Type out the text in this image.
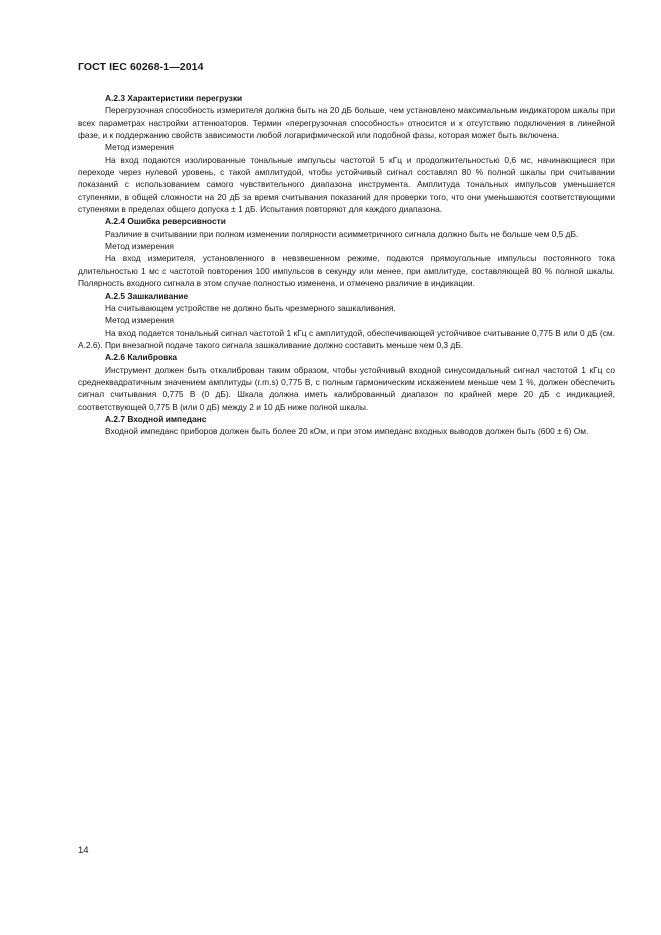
ГОСТ IEC 60268-1—2014

А.2.3 Характеристики перегрузки

Перегрузочная способность измерителя должна быть на 20 дБ больше, чем установлено максимальным индикатором шкалы при всех параметрах настройки аттенюаторов. Термин «перегрузочная способность» относится и к отсутствию подключения в линейной фазе, и к поддержанию свойств зависимости любой логарифмической или подобной фазы, которая может быть включена.

Метод измерения

На вход подаются изолированные тональные импульсы частотой 5 кГц и продолжительностью 0,6 мс, начинающиеся при переходе через нулевой уровень, с такой амплитудой, чтобы устойчивый сигнал составлял 80 % полной шкалы при считывании показаний с использованием самого чувствительного диапазона инструмента. Амплитуда тональных импульсов уменьшается ступенями, в общей сложности на 20 дБ за время считывания показаний для проверки того, что они уменьшаются соответствующими ступенями в пределах общего допуска ± 1 дБ. Испытания повторяют для каждого диапазона.

А.2.4 Ошибка реверсивности

Различие в считывании при полном изменении полярности асимметричного сигнала должно быть не больше чем 0,5 дБ.

Метод измерения

На вход измерителя, установленного в невзвешенном режиме, подаются прямоугольные импульсы постоянного тока длительностью 1 мс с частотой повторения 100 импульсов в секунду или менее, при амплитуде, составляющей 80 % полной шкалы. Полярность входного сигнала в этом случае полностью изменена, и отмечено различие в индикации.

А.2.5 Зашкаливание

На считывающем устройстве не должно быть чрезмерного зашкаливания.

Метод измерения

На вход подается тональный сигнал частотой 1 кГц с амплитудой, обеспечивающей устойчивое считывание 0,775 В или 0 дБ (см. А.2.6). При внезапной подаче такого сигнала зашкаливание должно составить меньше чем 0,3 дБ.

А.2.6 Калибровка

Инструмент должен быть откалиброван таким образом, чтобы устойчивый входной синусоидальный сигнал частотой 1 кГц со среднеквадратичным значением амплитуды (r.m.s) 0,775 В, с полным гармоническим искажением меньше чем 1 %, должен обеспечить сигнал считывания 0,775 В (0 дБ). Шкала должна иметь калиброванный диапазон по крайней мере 20 дБ с индикацией, соответствующей 0,775 В (или 0 дБ) между 2 и 10 дБ ниже полной шкалы.

А.2.7 Входной импеданс

Входной импеданс приборов должен быть более 20 кОм, и при этом импеданс входных выводов должен быть (600 ± 6) Ом.

14
